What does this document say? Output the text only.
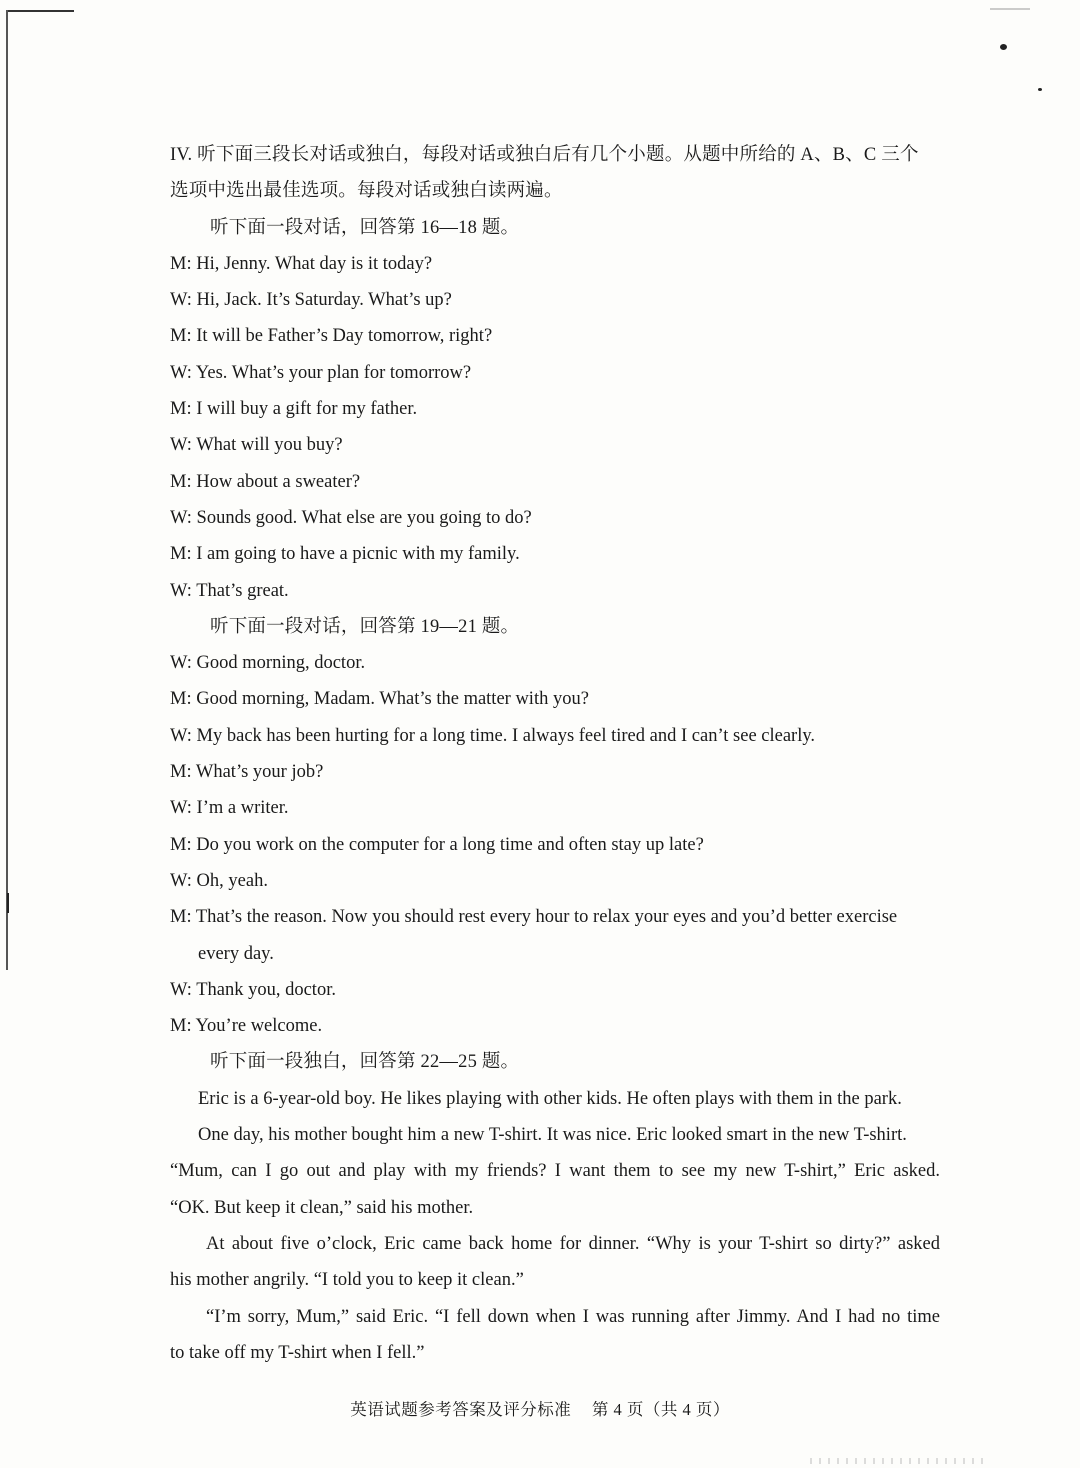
IV. 听下面三段长对话或独白，每段对话或独白后有几个小题。从题中所给的 A、B、C 三个
选项中选出最佳选项。每段对话或独白读两遍。
听下面一段对话，回答第 16—18 题。
M: Hi, Jenny. What day is it today?
W: Hi, Jack. It’s Saturday. What’s up?
M: It will be Father’s Day tomorrow, right?
W: Yes. What’s your plan for tomorrow?
M: I will buy a gift for my father.
W: What will you buy?
M: How about a sweater?
W: Sounds good. What else are you going to do?
M: I am going to have a picnic with my family.
W: That’s great.
听下面一段对话，回答第 19—21 题。
W: Good morning, doctor.
M: Good morning, Madam. What’s the matter with you?
W: My back has been hurting for a long time. I always feel tired and I can’t see clearly.
M: What’s your job?
W: I’m a writer.
M: Do you work on the computer for a long time and often stay up late?
W: Oh, yeah.
M: That’s the reason. Now you should rest every hour to relax your eyes and you’d better exercise
every day.
W: Thank you, doctor.
M: You’re welcome.
听下面一段独白，回答第 22—25 题。
Eric is a 6-year-old boy. He likes playing with other kids. He often plays with them in the park.
One day, his mother bought him a new T-shirt. It was nice. Eric looked smart in the new T-shirt.
“Mum, can I go out and play with my friends? I want them to see my new T-shirt,” Eric asked.
“OK. But keep it clean,” said his mother.
At about five o’clock, Eric came back home for dinner. “Why is your T-shirt so dirty?” asked
his mother angrily. “I told you to keep it clean.”
“I’m sorry, Mum,” said Eric. “I fell down when I was running after Jimmy. And I had no time
to take off my T-shirt when I fell.”
英语试题参考答案及评分标准 第 4 页（共 4 页）
